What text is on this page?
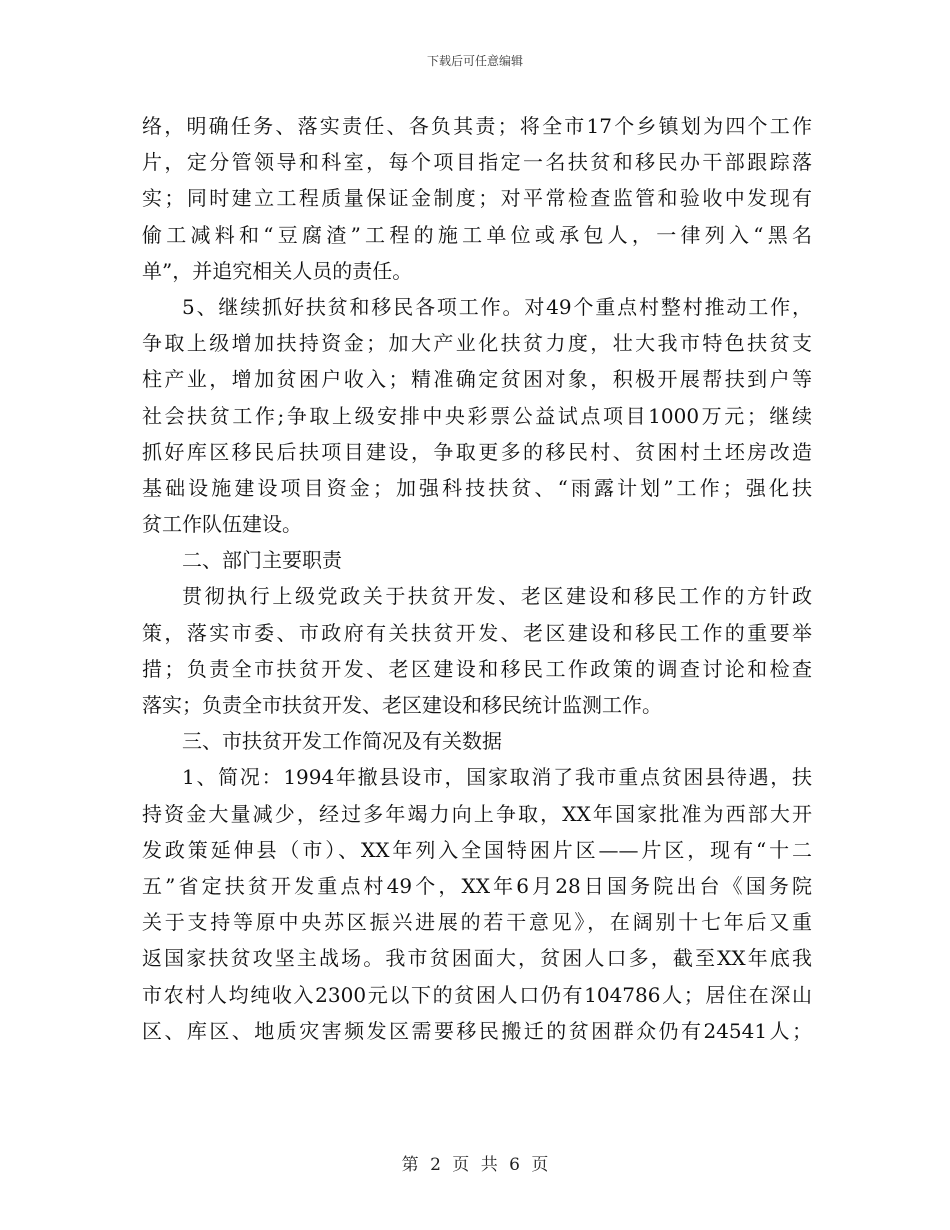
下载后可任意编辑
络，明确任务、落实责任、各负其责；将全市17个乡镇划为四个工作
片，定分管领导和科室，每个项目指定一名扶贫和移民办干部跟踪落
实；同时建立工程质量保证金制度；对平常检查监管和验收中发现有
偷工减料和“豆腐渣”工程的施工单位或承包人，一律列入“黑名
单”，并追究相关人员的责任。
5、继续抓好扶贫和移民各项工作。对49个重点村整村推动工作，
争取上级增加扶持资金；加大产业化扶贫力度，壮大我市特色扶贫支
柱产业，增加贫困户收入；精准确定贫困对象，积极开展帮扶到户等
社会扶贫工作;争取上级安排中央彩票公益试点项目1000万元；继续
抓好库区移民后扶项目建设，争取更多的移民村、贫困村土坯房改造
基础设施建设项目资金；加强科技扶贫、“雨露计划”工作；强化扶
贫工作队伍建设。
二、部门主要职责
贯彻执行上级党政关于扶贫开发、老区建设和移民工作的方针政
策，落实市委、市政府有关扶贫开发、老区建设和移民工作的重要举
措；负责全市扶贫开发、老区建设和移民工作政策的调查讨论和检查
落实；负责全市扶贫开发、老区建设和移民统计监测工作。
三、市扶贫开发工作简况及有关数据
1、简况：1994年撤县设市，国家取消了我市重点贫困县待遇，扶
持资金大量减少，经过多年竭力向上争取，XX年国家批准为西部大开
发政策延伸县（市）、XX年列入全国特困片区——片区，现有“十二
五”省定扶贫开发重点村49个，XX年6月28日国务院出台《国务院
关于支持等原中央苏区振兴进展的若干意见》，在阔别十七年后又重
返国家扶贫攻坚主战场。我市贫困面大，贫困人口多，截至XX年底我
市农村人均纯收入2300元以下的贫困人口仍有104786人；居住在深山
区、库区、地质灾害频发区需要移民搬迁的贫困群众仍有24541人；
第 2 页 共 6 页
